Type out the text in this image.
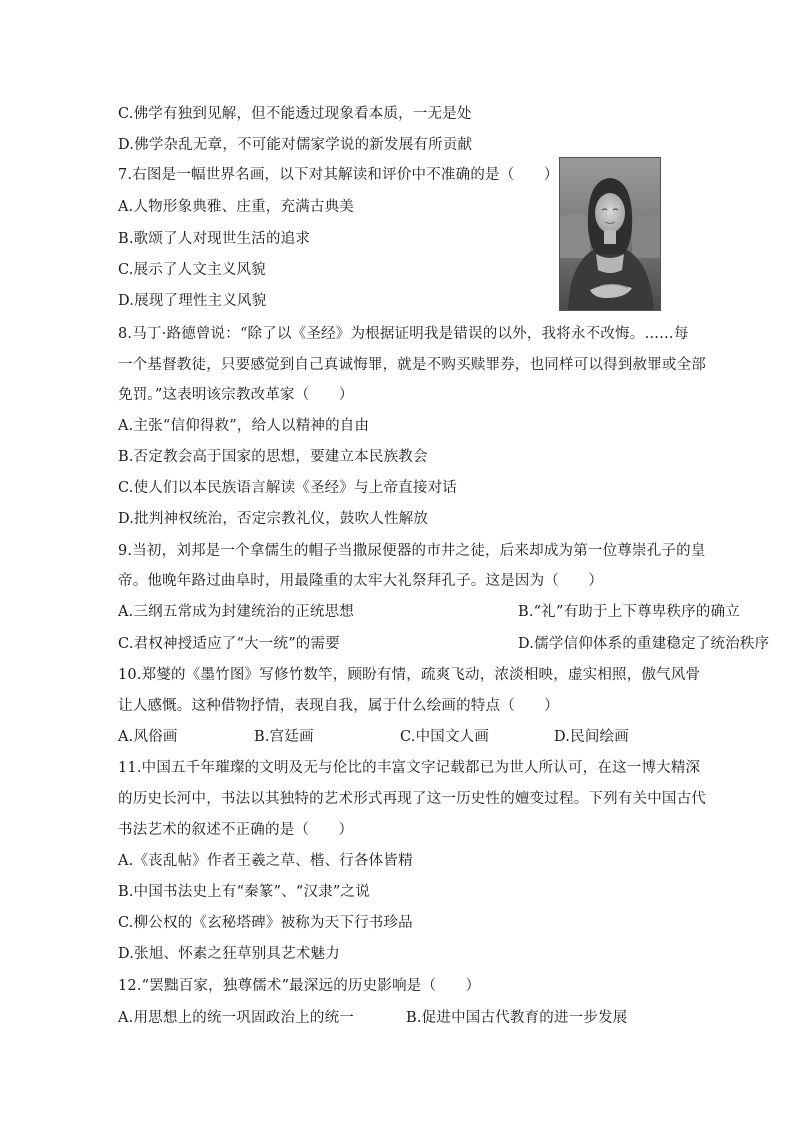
C.佛学有独到见解，但不能透过现象看本质，一无是处
D.佛学杂乱无章，不可能对儒家学说的新发展有所贡献
7.右图是一幅世界名画，以下对其解读和评价中不准确的是（　　）
A.人物形象典雅、庄重，充满古典美
B.歌颂了人对现世生活的追求
C.展示了人文主义风貌
D.展现了理性主义风貌
8.马丁·路德曾说：“除了以《圣经》为根据证明我是错误的以外，我将永不改悔。……每
一个基督教徒，只要感觉到自己真诚悔罪，就是不购买赎罪券，也同样可以得到赦罪或全部
免罚。”这表明该宗教改革家（　　）
A.主张“信仰得救”，给人以精神的自由
B.否定教会高于国家的思想，要建立本民族教会
C.使人们以本民族语言解读《圣经》与上帝直接对话
D.批判神权统治，否定宗教礼仪，鼓吹人性解放
9.当初，刘邦是一个拿儒生的帽子当撒尿便器的市井之徒，后来却成为第一位尊崇孔子的皇
帝。他晚年路过曲阜时，用最隆重的太牢大礼祭拜孔子。这是因为（　　）
A.三纲五常成为封建统治的正统思想	B.“礼”有助于上下尊卑秩序的确立
C.君权神授适应了“大一统”的需要	D.儒学信仰体系的重建稳定了统治秩序
10.郑燮的《墨竹图》写修竹数竿，顾盼有情，疏爽飞动，浓淡相映，虚实相照，傲气风骨
让人感慨。这种借物抒情，表现自我，属于什么绘画的特点（　　）
A.风俗画	B.宫廷画	C.中国文人画	D.民间绘画
11.中国五千年璀璨的文明及无与伦比的丰富文字记载都已为世人所认可，在这一博大精深
的历史长河中，书法以其独特的艺术形式再现了这一历史性的嬗变过程。下列有关中国古代
书法艺术的叙述不正确的是（　　）
A.《丧乱帖》作者王羲之草、楷、行各体皆精
B.中国书法史上有“秦篆”、“汉隶”之说
C.柳公权的《玄秘塔碑》被称为天下行书珍品
D.张旭、怀素之狂草别具艺术魅力
12.“罢黜百家，独尊儒术”最深远的历史影响是（　　）
A.用思想上的统一巩固政治上的统一	B.促进中国古代教育的进一步发展
